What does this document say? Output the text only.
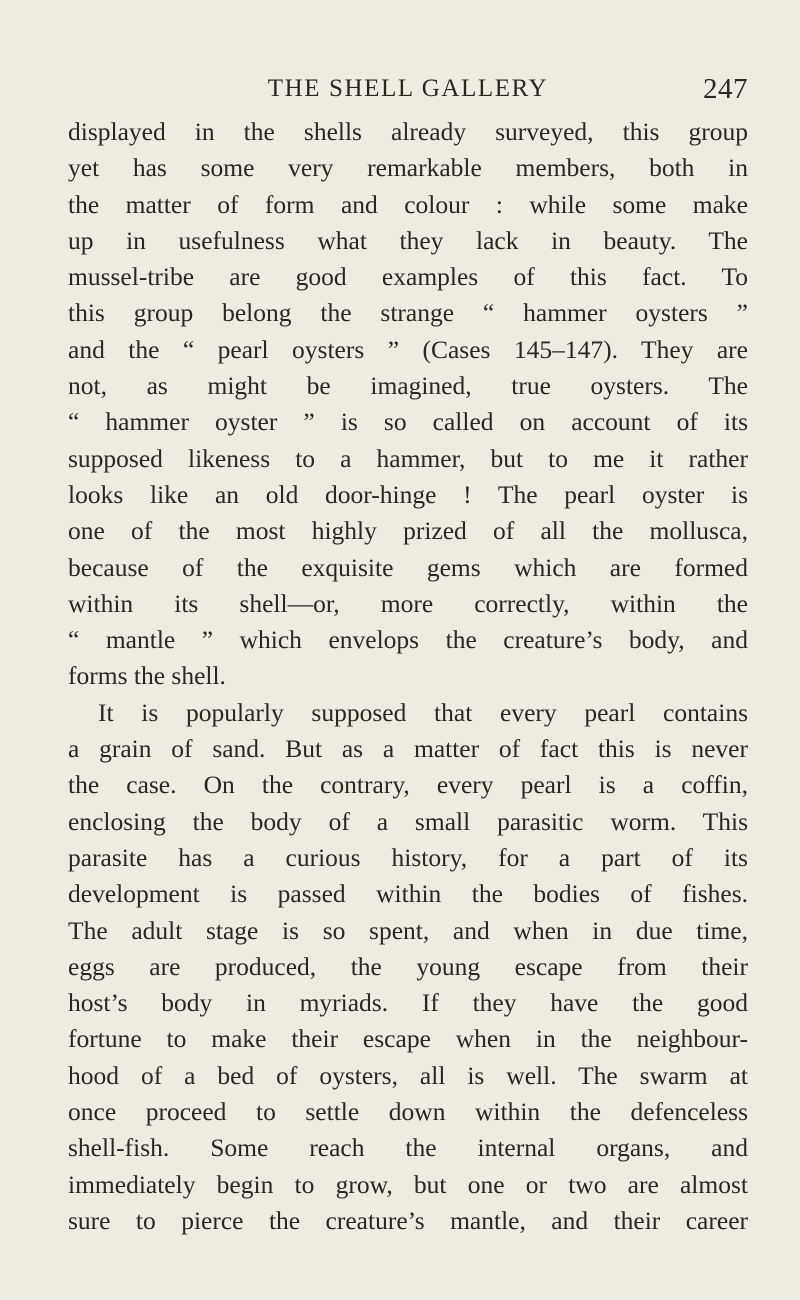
THE SHELL GALLERY	247
displayed in the shells already surveyed, this group
yet has some very remarkable members, both in
the matter of form and colour : while some make
up in usefulness what they lack in beauty. The
mussel-tribe are good examples of this fact. To
this group belong the strange “ hammer oysters ”
and the “ pearl oysters ” (Cases 145–147). They are
not, as might be imagined, true oysters. The
“ hammer oyster ” is so called on account of its
supposed likeness to a hammer, but to me it rather
looks like an old door-hinge ! The pearl oyster is
one of the most highly prized of all the mollusca,
because of the exquisite gems which are formed
within its shell—or, more correctly, within the
“ mantle ” which envelops the creature’s body, and
forms the shell.
It is popularly supposed that every pearl contains
a grain of sand. But as a matter of fact this is never
the case. On the contrary, every pearl is a coffin,
enclosing the body of a small parasitic worm. This
parasite has a curious history, for a part of its
development is passed within the bodies of fishes.
The adult stage is so spent, and when in due time,
eggs are produced, the young escape from their
host’s body in myriads. If they have the good
fortune to make their escape when in the neighbour-
hood of a bed of oysters, all is well. The swarm at
once proceed to settle down within the defenceless
shell-fish. Some reach the internal organs, and
immediately begin to grow, but one or two are almost
sure to pierce the creature’s mantle, and their career
